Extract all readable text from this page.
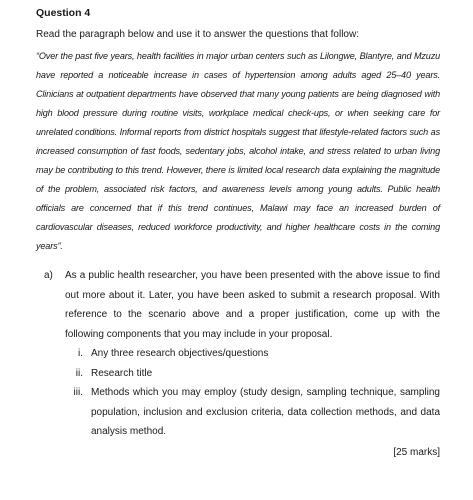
Question 4

Read the paragraph below and use it to answer the questions that follow:

“Over the past five years, health facilities in major urban centers such as Lilongwe, Blantyre, and Mzuzu have reported a noticeable increase in cases of hypertension among adults aged 25–40 years. Clinicians at outpatient departments have observed that many young patients are being diagnosed with high blood pressure during routine visits, workplace medical check-ups, or when seeking care for unrelated conditions. Informal reports from district hospitals suggest that lifestyle-related factors such as increased consumption of fast foods, sedentary jobs, alcohol intake, and stress related to urban living may be contributing to this trend. However, there is limited local research data explaining the magnitude of the problem, associated risk factors, and awareness levels among young adults. Public health officials are concerned that if this trend continues, Malawi may face an increased burden of cardiovascular diseases, reduced workforce productivity, and higher healthcare costs in the coming years”.

a)	As a public health researcher, you have been presented with the above issue to find out more about it. Later, you have been asked to submit a research proposal. With reference to the scenario above and a proper justification, come up with the following components that you may include in your proposal.
i. Any three research objectives/questions
ii. Research title
iii. Methods which you may employ (study design, sampling technique, sampling population, inclusion and exclusion criteria, data collection methods, and data analysis method.
[25 marks]
